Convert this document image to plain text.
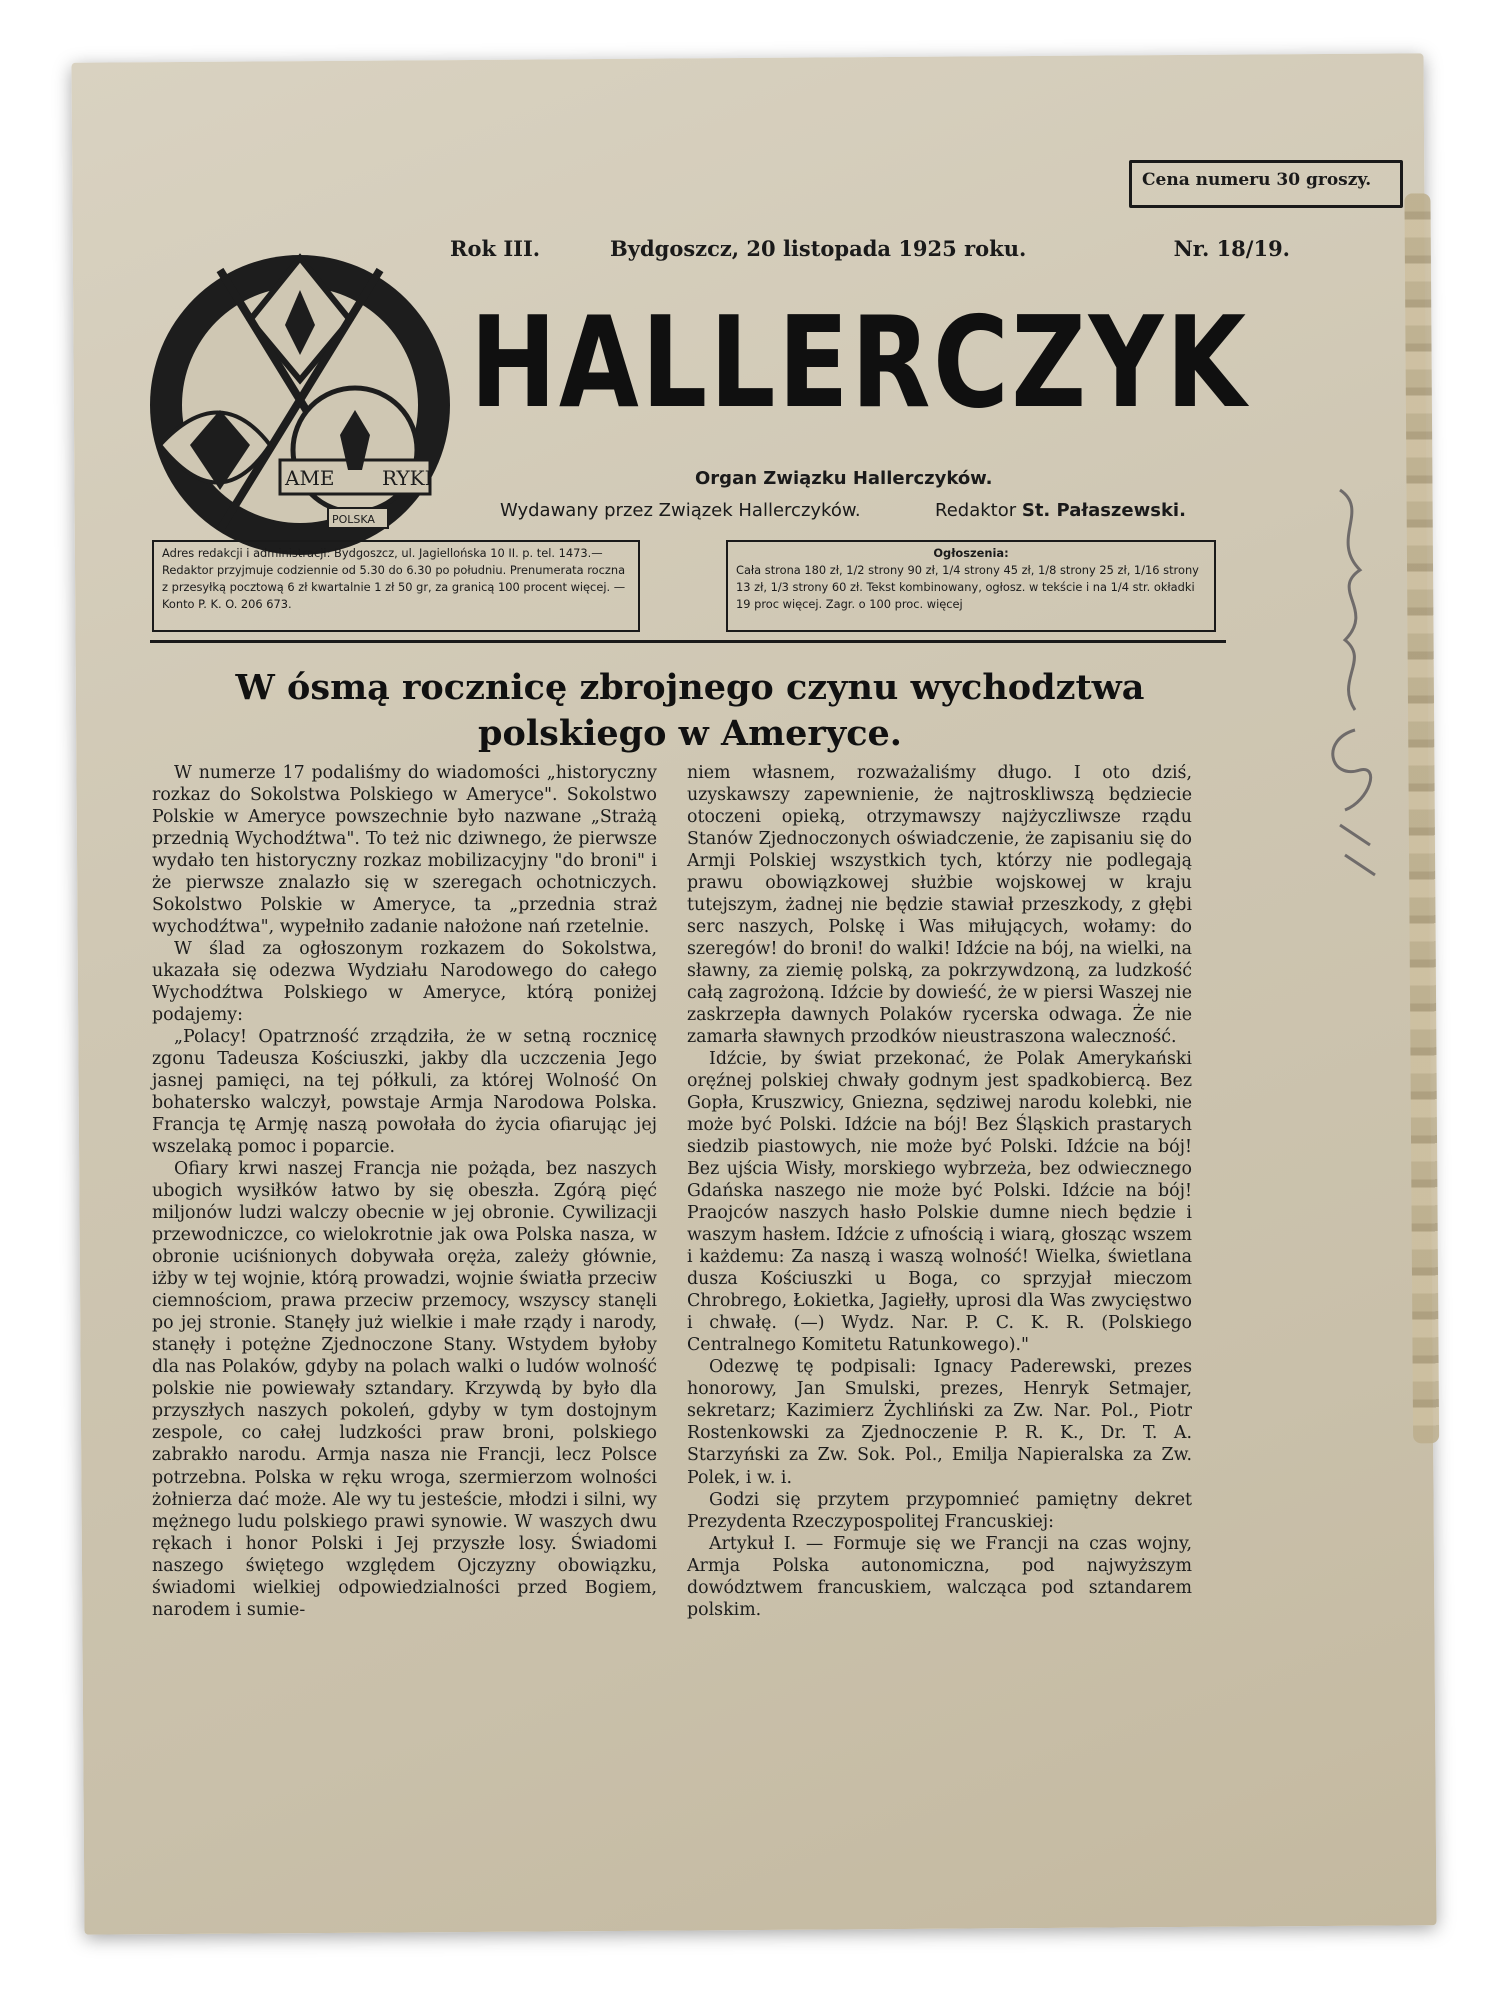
Cena numeru 30 groszy.
Rok III.	Bydgoszcz, 20 listopada 1925 roku.	Nr. 18/19.
AME RYKI
POLSKA
HALLERCZYK
Organ Związku Hallerczyków.
Wydawany przez Związek Hallerczyków.	Redaktor St. Pałaszewski.
Adres redakcji i administracji: Bydgoszcz, ul. Jagiellońska 10 II. p. tel. 1473.— Redaktor przyjmuje codziennie od 5.30 do 6.30 po południu. Prenumerata roczna z przesyłką pocztową 6 zł kwartalnie 1 zł 50 gr, za granicą 100 procent więcej. — Konto P. K. O. 206 673.
Ogłoszenia:
Cała strona 180 zł, 1/2 strony 90 zł, 1/4 strony 45 zł, 1/8 strony 25 zł, 1/16 strony 13 zł, 1/3 strony 60 zł. Tekst kombinowany, ogłosz. w tekście i na 1/4 str. okładki 19 proc więcej. Zagr. o 100 proc. więcej
W ósmą rocznicę zbrojnego czynu wychodztwa polskiego w Ameryce.

W numerze 17 podaliśmy do wiadomości „historyczny rozkaz do Sokolstwa Polskiego w Ameryce". Sokolstwo Polskie w Ameryce powszechnie było nazwane „Strażą przednią Wychodźtwa". To też nic dziwnego, że pierwsze wydało ten historyczny rozkaz mobilizacyjny "do broni" i że pierwsze znalazło się w szeregach ochotniczych. Sokolstwo Polskie w Ameryce, ta „przednia straż wychodźtwa", wypełniło zadanie nałożone nań rzetelnie.

W ślad za ogłoszonym rozkazem do Sokolstwa, ukazała się odezwa Wydziału Narodowego do całego Wychodźtwa Polskiego w Ameryce, którą poniżej podajemy:

„Polacy! Opatrzność zrządziła, że w setną rocznicę zgonu Tadeusza Kościuszki, jakby dla uczczenia Jego jasnej pamięci, na tej półkuli, za której Wolność On bohatersko walczył, powstaje Armja Narodowa Polska. Francja tę Armję naszą powołała do życia ofiarując jej wszelaką pomoc i poparcie.

Ofiary krwi naszej Francja nie pożąda, bez naszych ubogich wysiłków łatwo by się obeszła. Zgórą pięć miljonów ludzi walczy obecnie w jej obronie. Cywilizacji przewodniczce, co wielokrotnie jak owa Polska nasza, w obronie uciśnionych dobywała oręża, zależy głównie, iżby w tej wojnie, którą prowadzi, wojnie światła przeciw ciemnościom, prawa przeciw przemocy, wszyscy stanęli po jej stronie. Stanęły już wielkie i małe rządy i narody, stanęły i potężne Zjednoczone Stany. Wstydem byłoby dla nas Polaków, gdyby na polach walki o ludów wolność polskie nie powiewały sztandary. Krzywdą by było dla przyszłych naszych pokoleń, gdyby w tym dostojnym zespole, co całej ludzkości praw broni, polskiego zabrakło narodu. Armja nasza nie Francji, lecz Polsce potrzebna. Polska w ręku wroga, szermierzom wolności żołnierza dać może. Ale wy tu jesteście, młodzi i silni, wy mężnego ludu polskiego prawi synowie. W waszych dwu rękach i honor Polski i Jej przyszłe losy. Świadomi naszego świętego względem Ojczyzny obowiązku, świadomi wielkiej odpowiedzialności przed Bogiem, narodem i sumie-

niem własnem, rozważaliśmy długo. I oto dziś, uzyskawszy zapewnienie, że najtroskliwszą będziecie otoczeni opieką, otrzymawszy najżyczliwsze rządu Stanów Zjednoczonych oświadczenie, że zapisaniu się do Armji Polskiej wszystkich tych, którzy nie podlegają prawu obowiązkowej służbie wojskowej w kraju tutejszym, żadnej nie będzie stawiał przeszkody, z głębi serc naszych, Polskę i Was miłujących, wołamy: do szeregów! do broni! do walki! Idźcie na bój, na wielki, na sławny, za ziemię polską, za pokrzywdzoną, za ludzkość całą zagrożoną. Idźcie by dowieść, że w piersi Waszej nie zaskrzepła dawnych Polaków rycerska odwaga. Że nie zamarła sławnych przodków nieustraszona waleczność.

Idźcie, by świat przekonać, że Polak Amerykański oręźnej polskiej chwały godnym jest spadkobiercą. Bez Gopła, Kruszwicy, Gniezna, sędziwej narodu kolebki, nie może być Polski. Idźcie na bój! Bez Śląskich prastarych siedzib piastowych, nie może być Polski. Idźcie na bój! Bez ujścia Wisły, morskiego wybrzeża, bez odwiecznego Gdańska naszego nie może być Polski. Idźcie na bój! Praojców naszych hasło Polskie dumne niech będzie i waszym hasłem. Idźcie z ufnością i wiarą, głosząc wszem i każdemu: Za naszą i waszą wolność! Wielka, świetlana dusza Kościuszki u Boga, co sprzyjał mieczom Chrobrego, Łokietka, Jagiełły, uprosi dla Was zwycięstwo i chwałę. (—) Wydz. Nar. P. C. K. R. (Polskiego Centralnego Komitetu Ratunkowego)."

Odezwę tę podpisali: Ignacy Paderewski, prezes honorowy, Jan Smulski, prezes, Henryk Setmajer, sekretarz; Kazimierz Żychliński za Zw. Nar. Pol., Piotr Rostenkowski za Zjednoczenie P. R. K., Dr. T. A. Starzyński za Zw. Sok. Pol., Emilja Napieralska za Zw. Polek, i w. i.

Godzi się przytem przypomnieć pamiętny dekret Prezydenta Rzeczypospolitej Francuskiej:

Artykuł I. — Formuje się we Francji na czas wojny, Armja Polska autonomiczna, pod najwyższym dowództwem francuskiem, walcząca pod sztandarem polskim.
